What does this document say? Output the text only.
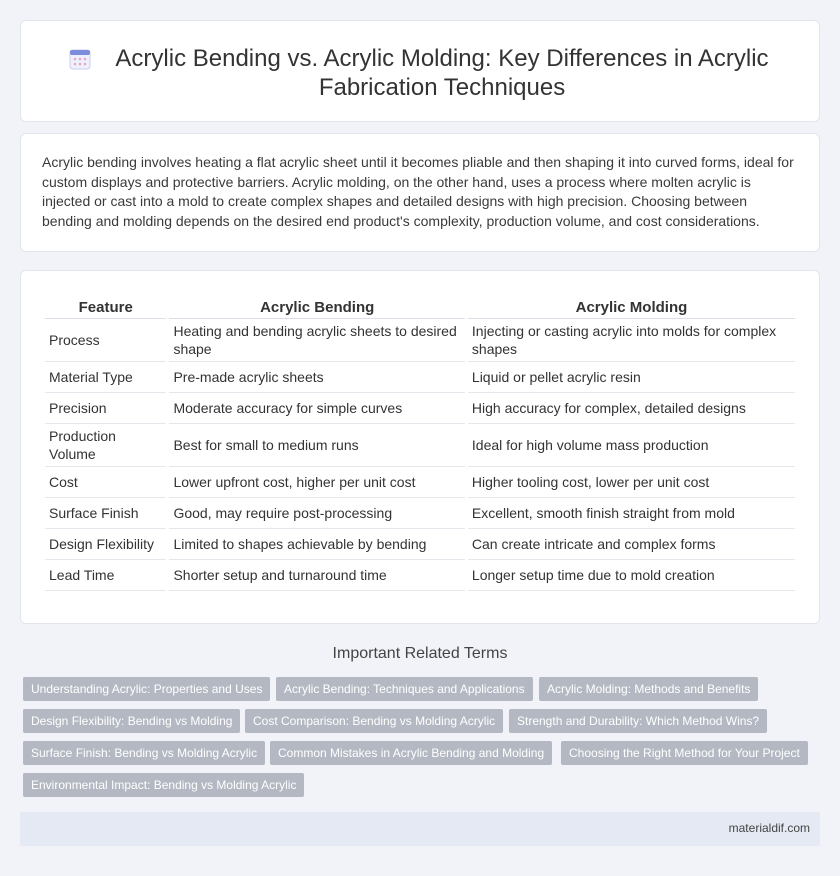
Acrylic Bending vs. Acrylic Molding: Key Differences in Acrylic Fabrication Techniques

Acrylic bending involves heating a flat acrylic sheet until it becomes pliable and then shaping it into curved forms, ideal for custom displays and protective barriers. Acrylic molding, on the other hand, uses a process where molten acrylic is injected or cast into a mold to create complex shapes and detailed designs with high precision. Choosing between bending and molding depends on the desired end product's complexity, production volume, and cost considerations.

Feature	Acrylic Bending	Acrylic Molding
Process	Heating and bending acrylic sheets to desired shape	Injecting or casting acrylic into molds for complex shapes
Material Type	Pre-made acrylic sheets	Liquid or pellet acrylic resin
Precision	Moderate accuracy for simple curves	High accuracy for complex, detailed designs
Production Volume	Best for small to medium runs	Ideal for high volume mass production
Cost	Lower upfront cost, higher per unit cost	Higher tooling cost, lower per unit cost
Surface Finish	Good, may require post-processing	Excellent, smooth finish straight from mold
Design Flexibility	Limited to shapes achievable by bending	Can create intricate and complex forms
Lead Time	Shorter setup and turnaround time	Longer setup time due to mold creation
Important Related Terms
Understanding Acrylic: Properties and Uses	Acrylic Bending: Techniques and Applications	Acrylic Molding: Methods and Benefits
Design Flexibility: Bending vs Molding	Cost Comparison: Bending vs Molding Acrylic	Strength and Durability: Which Method Wins?
Surface Finish: Bending vs Molding Acrylic	Common Mistakes in Acrylic Bending and Molding	Choosing the Right Method for Your Project
Environmental Impact: Bending vs Molding Acrylic
materialdif.com
